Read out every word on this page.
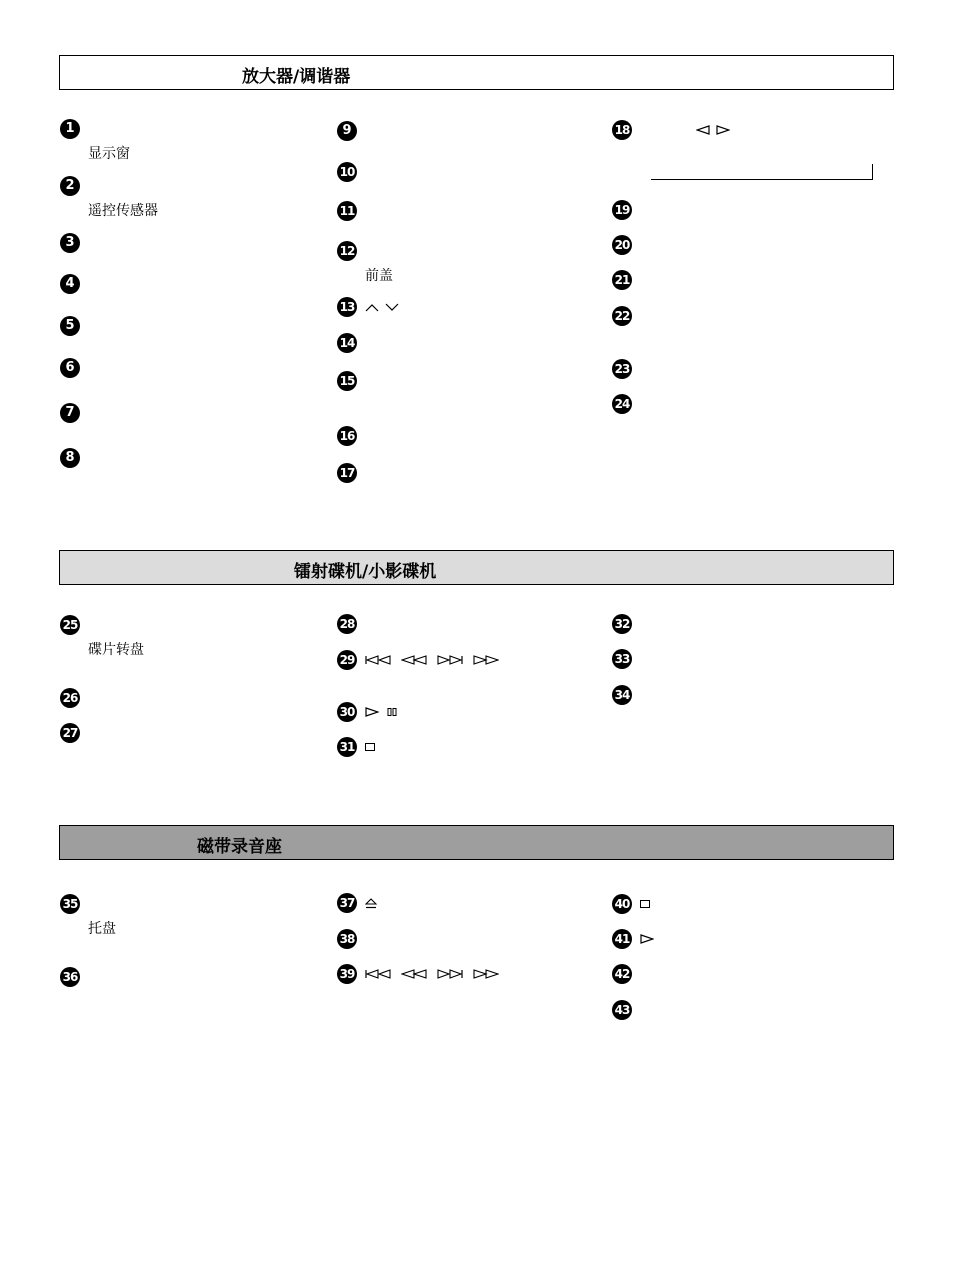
放大器/调谐器
镭射碟机/小影碟机
磁带录音座
1
显示窗
2
遥控传感器
3
4
5
6
7
8
9
10
11
12
前盖
13
14
15
16
17
18
19
20
21
22
23
24
25
碟片转盘
26
27
28
29
30
31
32
33
34
35
托盘
36
37
38
39
40
41
42
43
